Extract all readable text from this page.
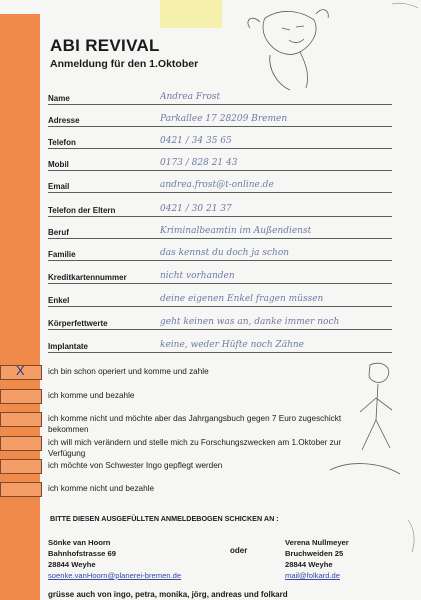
ABI REVIVAL
Anmeldung für den 1.Oktober
Name	Andrea Frost
Adresse	Parkallee 17 28209 Bremen
Telefon	0421 / 34 35 65
Mobil	0173 / 828 21 43
Email	andrea.frost@t-online.de
Telefon der Eltern	0421 / 30 21 37
Beruf	Kriminalbeamtin im Außendienst
Familie	das kennst du doch ja schon
Kreditkartennummer	nicht vorhanden
Enkel	deine eigenen Enkel fragen müssen
Körperfettwerte	geht keinen was an, danke immer noch
Implantate	keine, weder Hüfte noch Zähne
X	ich bin schon operiert und komme und zahle
ich komme und bezahle
ich komme nicht und möchte aber das Jahrgangsbuch gegen 7 Euro zugeschickt bekommen
ich will mich verändern und stelle mich zu Forschungszwecken am 1.Oktober zur Verfügung
ich möchte von Schwester Ingo gepflegt werden
ich komme nicht und bezahle
BITTE DIESEN AUSGEFÜLLTEN ANMELDEBOGEN SCHICKEN AN :
Sönke van Hoorn
Bahnhofstrasse 69
28844 Weyhe
soenke.vanHoorn@planerei-bremen.de
oder
Verena Nullmeyer
Bruchweiden 25
28844 Weyhe
mail@folkard.de
grüsse auch von ingo, petra, monika, jörg, andreas und folkard
